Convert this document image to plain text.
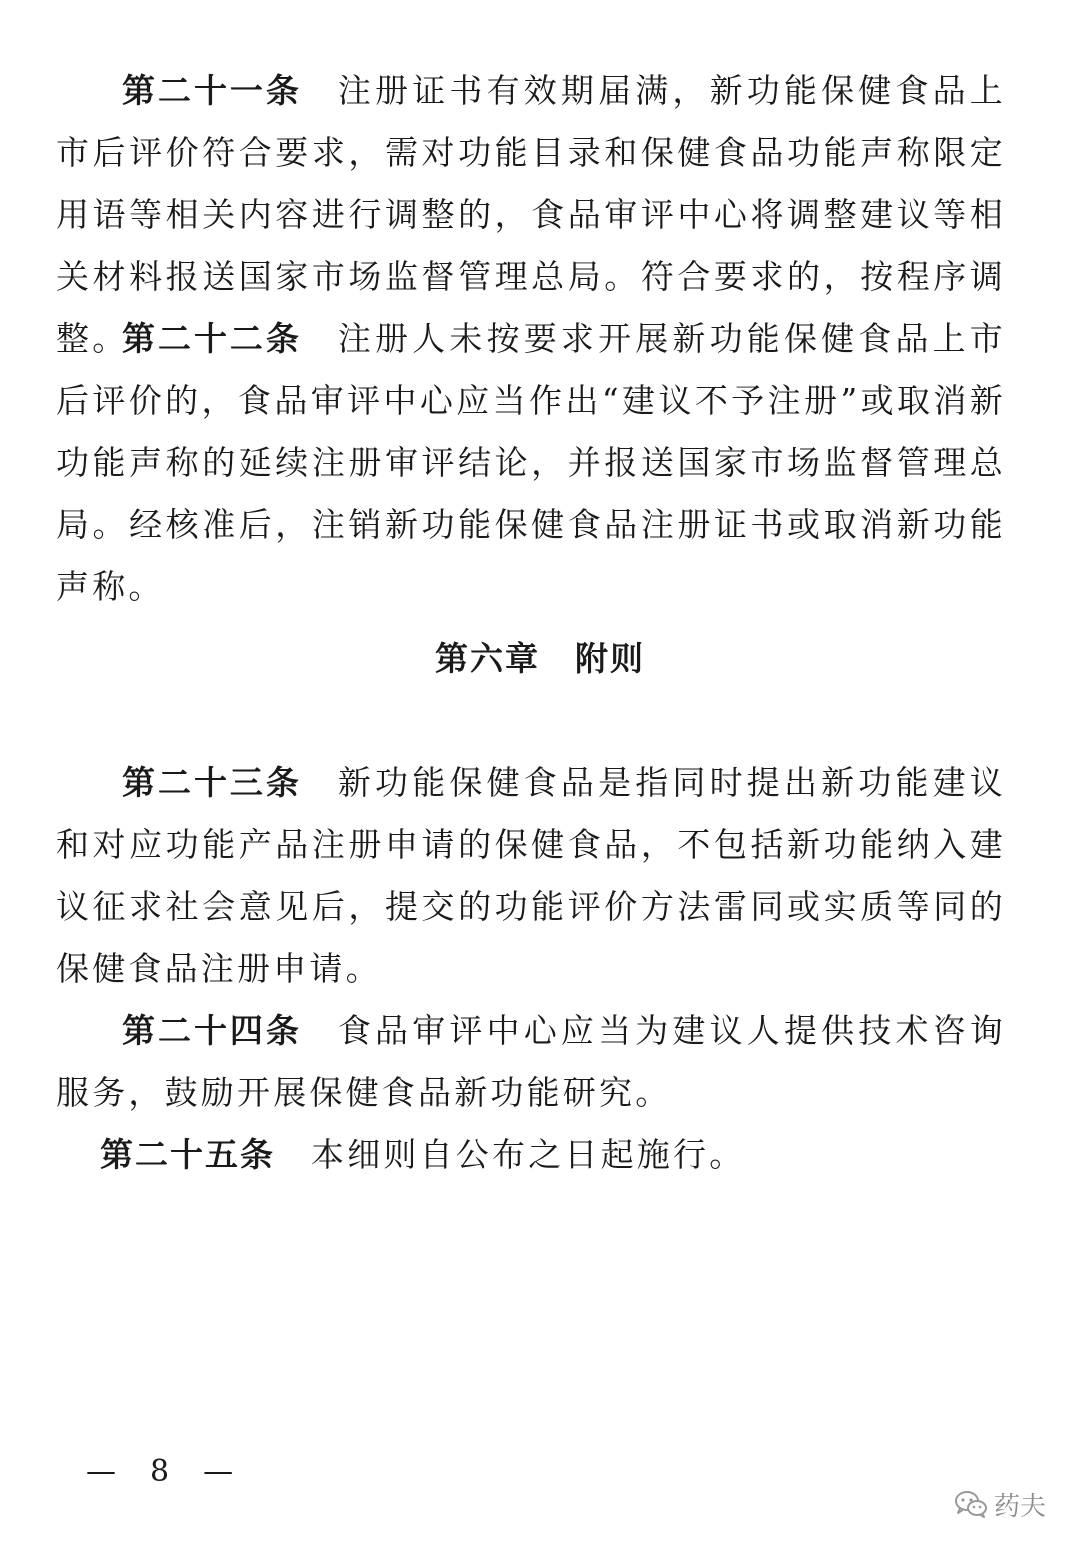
第二十一条 注册证书有效期届满，新功能保健食品上市后评价符合要求，需对功能目录和保健食品功能声称限定用语等相关内容进行调整的，食品审评中心将调整建议等相关材料报送国家市场监督管理总局。符合要求的，按程序调整。

第二十二条 注册人未按要求开展新功能保健食品上市后评价的，食品审评中心应当作出“建议不予注册”或取消新功能声称的延续注册审评结论，并报送国家市场监督管理总局。经核准后，注销新功能保健食品注册证书或取消新功能声称。

第六章　附则

第二十三条 新功能保健食品是指同时提出新功能建议和对应功能产品注册申请的保健食品，不包括新功能纳入建议征求社会意见后，提交的功能评价方法雷同或实质等同的保健食品注册申请。

第二十四条 食品审评中心应当为建议人提供技术咨询服务，鼓励开展保健食品新功能研究。

第二十五条 本细则自公布之日起施行。

—　8　—

药夫
